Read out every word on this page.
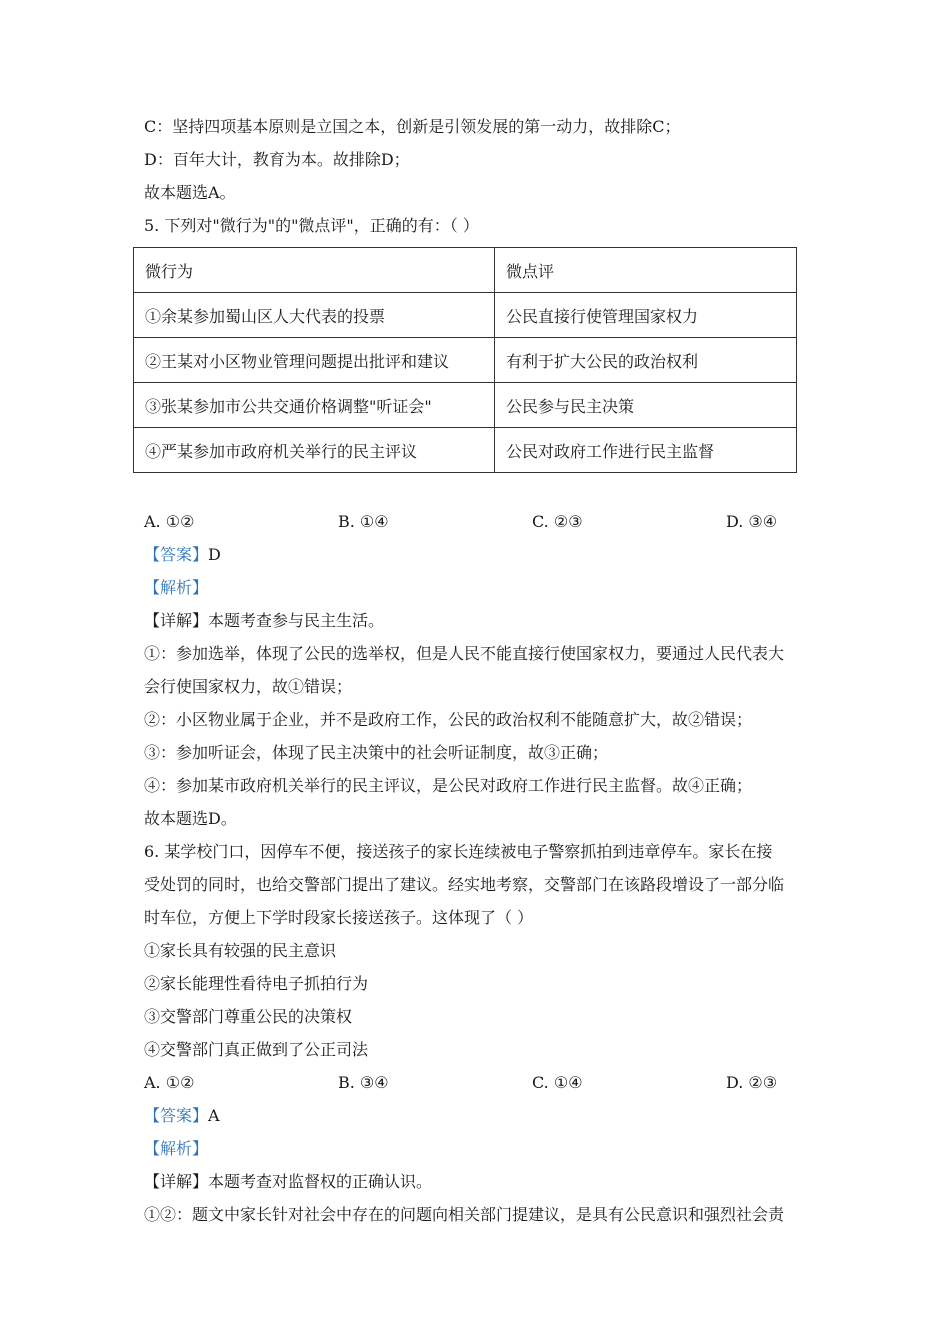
C：坚持四项基本原则是立国之本，创新是引领发展的第一动力，故排除C；
D：百年大计，教育为本。故排除D；
故本题选A。
5. 下列对"微行为"的"微点评"，正确的有：（ ）
微行为	微点评
①余某参加蜀山区人大代表的投票	公民直接行使管理国家权力
②王某对小区物业管理问题提出批评和建议	有利于扩大公民的政治权利
③张某参加市公共交通价格调整"听证会"	公民参与民主决策
④严某参加市政府机关举行的民主评议	公民对政府工作进行民主监督
A. ①②	B. ①④	C. ②③	D. ③④
【答案】D
【解析】
【详解】本题考查参与民主生活。
①：参加选举，体现了公民的选举权，但是人民不能直接行使国家权力，要通过人民代表大
会行使国家权力，故①错误；
②：小区物业属于企业，并不是政府工作，公民的政治权利不能随意扩大，故②错误；
③：参加听证会，体现了民主决策中的社会听证制度，故③正确；
④：参加某市政府机关举行的民主评议，是公民对政府工作进行民主监督。故④正确；
故本题选D。
6. 某学校门口，因停车不便，接送孩子的家长连续被电子警察抓拍到违章停车。家长在接
受处罚的同时，也给交警部门提出了建议。经实地考察，交警部门在该路段增设了一部分临
时车位，方便上下学时段家长接送孩子。这体现了（ ）
①家长具有较强的民主意识
②家长能理性看待电子抓拍行为
③交警部门尊重公民的决策权
④交警部门真正做到了公正司法
A. ①②	B. ③④	C. ①④	D. ②③
【答案】A
【解析】
【详解】本题考查对监督权的正确认识。
①②：题文中家长针对社会中存在的问题向相关部门提建议，是具有公民意识和强烈社会责
